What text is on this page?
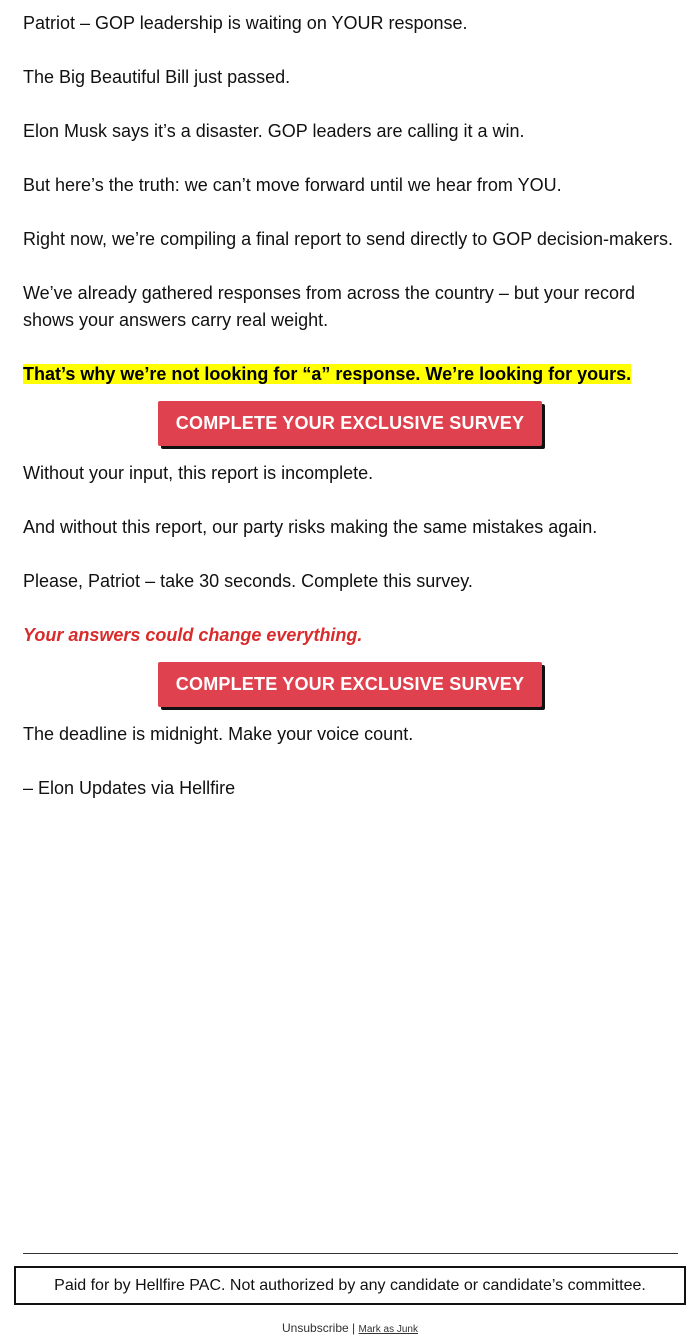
Patriot – GOP leadership is waiting on YOUR response.

The Big Beautiful Bill just passed.

Elon Musk says it’s a disaster. GOP leaders are calling it a win.

But here’s the truth: we can’t move forward until we hear from YOU.

Right now, we’re compiling a final report to send directly to GOP decision-makers.

We’ve already gathered responses from across the country – but your record shows your answers carry real weight.

That’s why we’re not looking for “a” response. We’re looking for yours.

COMPLETE YOUR EXCLUSIVE SURVEY

Without your input, this report is incomplete.

And without this report, our party risks making the same mistakes again.

Please, Patriot – take 30 seconds. Complete this survey.

Your answers could change everything.

COMPLETE YOUR EXCLUSIVE SURVEY

The deadline is midnight. Make your voice count.

– Elon Updates via Hellfire

Paid for by Hellfire PAC. Not authorized by any candidate or candidate’s committee.
Unsubscribe | Mark as Junk
